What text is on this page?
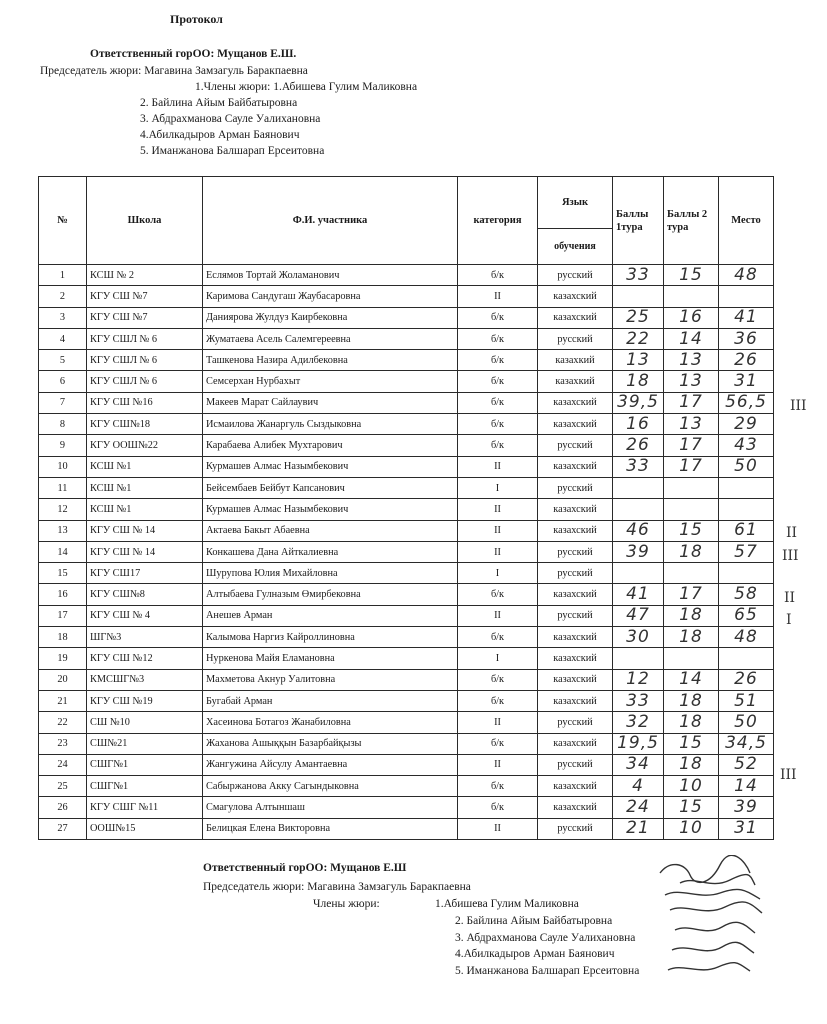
Протокол
Ответственный горОО: Мущанов Е.Ш.
Председатель жюри: Магавина Замзагуль Баракпаевна
1.Члены жюри: 1.Абишева Гулим Маликовна
2. Байлина Айым Байбатыровна
3. Абдрахманова Сауле Уалихановна
4.Абилкадыров Арман Баянович
5. Иманжанова Балшарап Ерсеитовна
№	Школа	Ф.И. участника	категория	Язык	Баллы 1тура	Баллы 2 тура	Место
				обучения			
1	КСШ № 2	Еслямов Тортай Жоламанович	б/к	русский	33	15	48
2	КГУ СШ №7	Каримова Сандугаш Жаубасаровна	II	казахский			
3	КГУ СШ №7	Даниярова Жулдуз Каирбековна	б/к	казахский	25	16	41
4	КГУ СШЛ № 6	Жуматаева Асель Салемгереевна	б/к	русский	22	14	36
5	КГУ СШЛ № 6	Ташкенова Назира Адилбековна	б/к	казахкий	13	13	26
6	КГУ СШЛ № 6	Семсерхан Нурбахыт	б/к	казахкий	18	13	31
7	КГУ СШ №16	Макеев Марат Сайлаувич	б/к	казахский	39,5	17	56,5
8	КГУ СШ№18	Исмаилова Жанаргуль Сыздыковна	б/к	казахский	16	13	29
9	КГУ ООШ№22	Карабаева Алибек Мухтарович	б/к	русский	26	17	43
10	КСШ №1	Курмашев Алмас Назымбекович	II	казахский	33	17	50
11	КСШ №1	Бейсембаев Бейбут Капсанович	I	русский			
12	КСШ №1	Курмашев Алмас Назымбекович	II	казахский			
13	КГУ СШ № 14	Актаева Бакыт Абаевна	II	казахский	46	15	61
14	КГУ СШ № 14	Конкашева Дана Айткалиевна	II	русский	39	18	57
15	КГУ СШ17	Шурупова Юлия Михайловна	I	русский			
16	КГУ СШ№8	Алтыбаева Гулназым Өмирбековна	б/к	казахский	41	17	58
17	КГУ СШ № 4	Анешев Арман	II	русский	47	18	65
18	ШГ№3	Калымова Наргиз Кайроллиновна	б/к	казахский	30	18	48
19	КГУ СШ №12	Нуркенова Майя Еламановна	I	казахский			
20	КМСШГ№3	Махметова Акнур Уалитовна	б/к	казахский	12	14	26
21	КГУ СШ №19	Бугабай Арман	б/к	казахский	33	18	51
22	СШ №10	Хасеинова Ботагоз Жанабиловна	II	русский	32	18	50
23	СШ№21	Жаханова Ашыққын Базарбайқызы	б/к	казахский	19,5	15	34,5
24	СШГ№1	Жангужина Айсулу Амантаевна	II	русский	34	18	52
25	СШГ№1	Сабыржанова Акку Сагындыковна	б/к	казахский	4	10	14
26	КГУ СШГ №11	Смагулова Алтыншаш	б/к	казахский	24	15	39
27	ООШ№15	Белицкая Елена Викторовна	II	русский	21	10	31
III
II
III
II
I
III
Ответственный горОО: Мущанов Е.Ш
Председатель жюри: Магавина Замзагуль Баракпаевна
Члены жюри:	1.Абишева Гулим Маликовна
2. Байлина Айым Байбатыровна
3. Абдрахманова Сауле Уалихановна
4.Абилкадыров Арман Баянович
5. Иманжанова Балшарап Ерсеитовна
